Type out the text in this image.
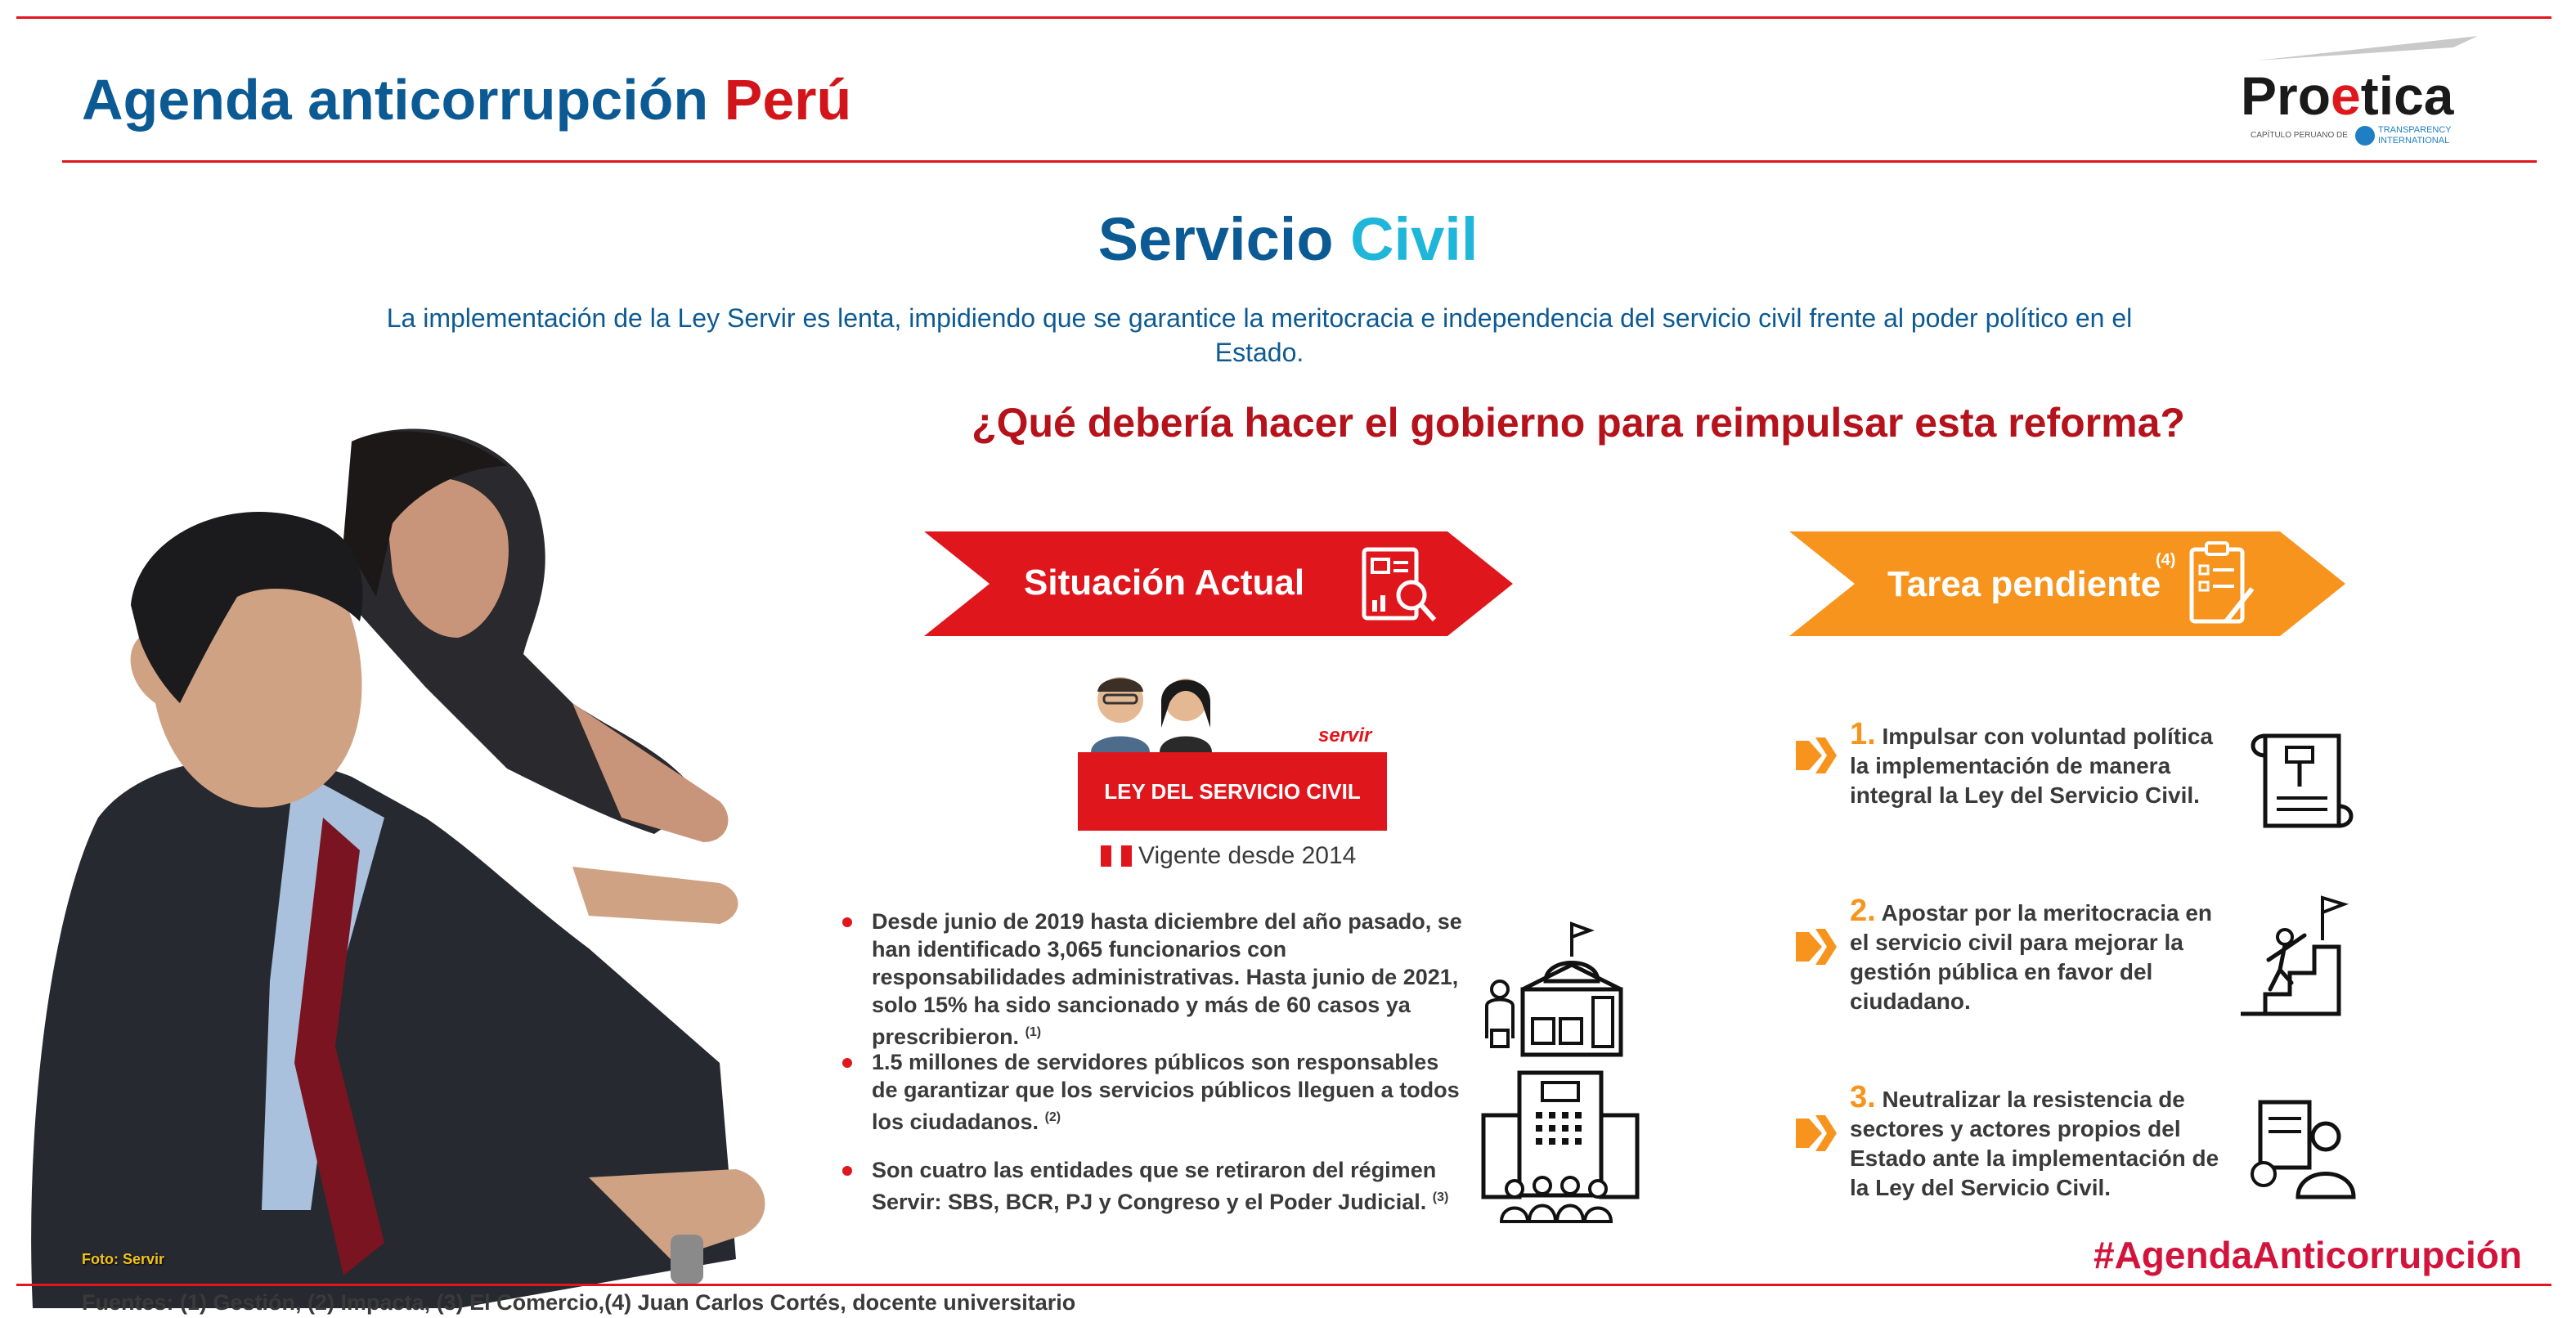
Agenda anticorrupción Perú	Proetica
CAPÍTULO PERUANO DE
TRANSPARENCY
INTERNATIONAL
Servicio Civil
La implementación de la Ley Servir es lenta, impidiendo que se garantice la meritocracia e independencia del servicio civil frente al poder político en el Estado.
¿Qué debería hacer el gobierno para reimpulsar esta reforma?
Foto: Servir
Situación Actual	Tarea pendiente
(4)
servir
LEY DEL SERVICIO CIVIL
Vigente desde 2014
Desde junio de 2019 hasta diciembre del año pasado, se han identificado 3,065 funcionarios con responsabilidades administrativas. Hasta junio de 2021, solo 15% ha sido sancionado y más de 60 casos ya prescribieron. $^{(1)}$
1.5 millones de servidores públicos son responsables de garantizar que los servicios públicos lleguen a todos los ciudadanos. $^{(2)}$
Son cuatro las entidades que se retiraron del régimen Servir: SBS, BCR, PJ y Congreso y el Poder Judicial. $^{(3)}$
1. Impulsar con voluntad política la implementación de manera integral la Ley del Servicio Civil.
2. Apostar por la meritocracia en el servicio civil para mejorar la gestión pública en favor del ciudadano.
3. Neutralizar la resistencia de sectores y actores propios del Estado ante la implementación de la Ley del Servicio Civil.
#AgendaAnticorrupción
Fuentes: (1) Gestión, (2) Impacta, (3) El Comercio,(4) Juan Carlos Cortés, docente universitario
